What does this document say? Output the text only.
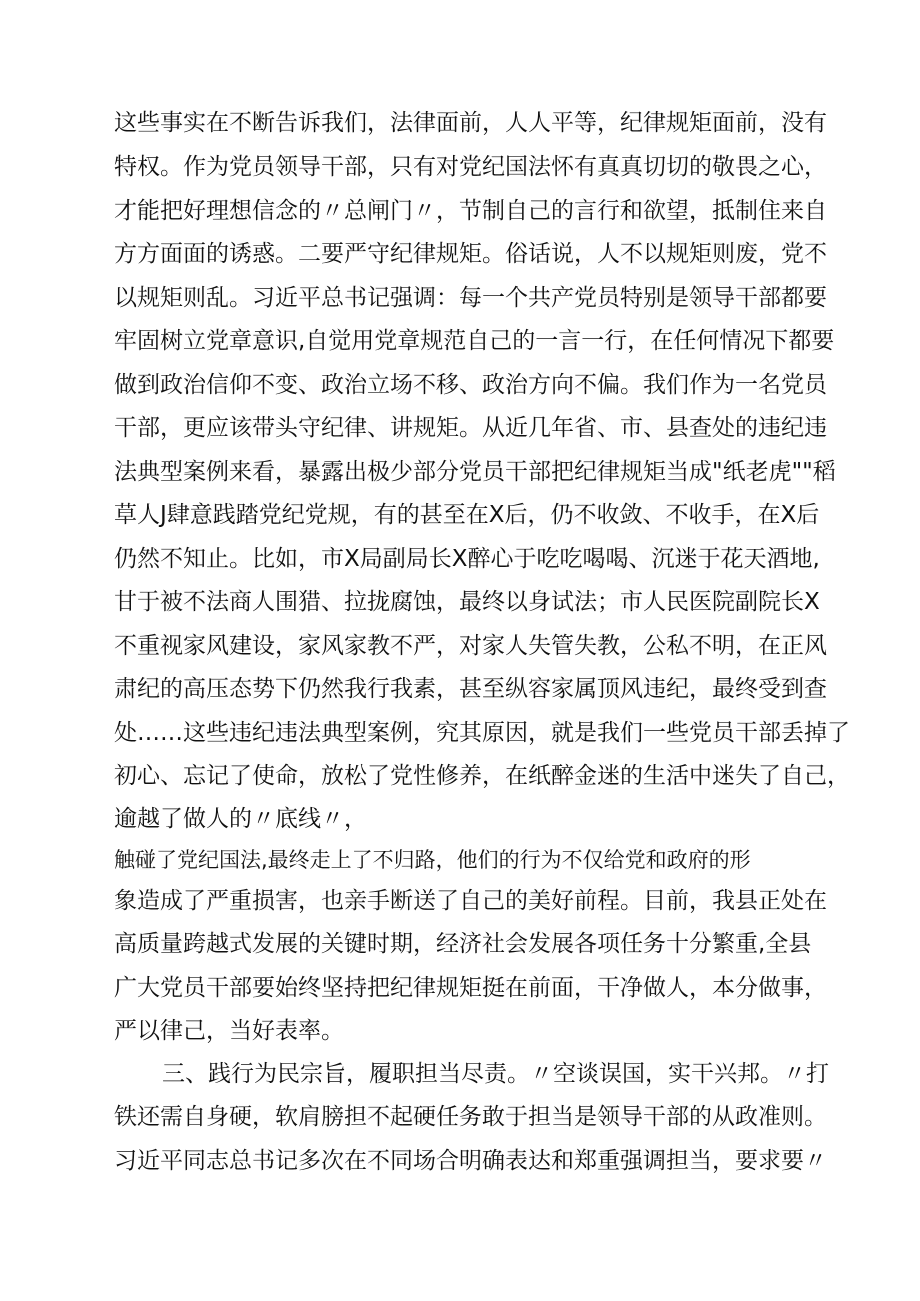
这些事实在不断告诉我们，法律面前，人人平等，纪律规矩面前，没有
特权。作为党员领导干部，只有对党纪国法怀有真真切切的敬畏之心，
才能把好理想信念的〃总闸门〃，节制自己的言行和欲望，抵制住来自
方方面面的诱惑。二要严守纪律规矩。俗话说，人不以规矩则废，党不
以规矩则乱。习近平总书记强调：每一个共产党员特别是领导干部都要
牢固树立党章意识,自觉用党章规范自己的一言一行，在任何情况下都要
做到政治信仰不变、政治立场不移、政治方向不偏。我们作为一名党员
干部，更应该带头守纪律、讲规矩。从近几年省、市、县查处的违纪违
法典型案例来看，暴露出极少部分党员干部把纪律规矩当成"纸老虎""稻
草人J肆意践踏党纪党规，有的甚至在X后，仍不收敛、不收手，在X后
仍然不知止。比如，市X局副局长X醉心于吃吃喝喝、沉迷于花天酒地,
甘于被不法商人围猎、拉拢腐蚀，最终以身试法；市人民医院副院长X
不重视家风建设，家风家教不严，对家人失管失教，公私不明，在正风
肃纪的高压态势下仍然我行我素，甚至纵容家属顶风违纪，最终受到查
处……这些违纪违法典型案例，究其原因，就是我们一些党员干部丢掉了
初心、忘记了使命，放松了党性修养，在纸醉金迷的生活中迷失了自己，
逾越了做人的〃底线〃，
触碰了党纪国法,最终走上了不归路，他们的行为不仅给党和政府的形
象造成了严重损害，也亲手断送了自己的美好前程。目前，我县正处在
高质量跨越式发展的关键时期，经济社会发展各项任务十分繁重,全县
广大党员干部要始终坚持把纪律规矩挺在前面，干净做人，本分做事，
严以律己，当好表率。
三、践行为民宗旨，履职担当尽责。〃空谈误国，实干兴邦。〃打
铁还需自身硬，软肩膀担不起硬任务敢于担当是领导干部的从政准则。
习近平同志总书记多次在不同场合明确表达和郑重强调担当，要求要〃
